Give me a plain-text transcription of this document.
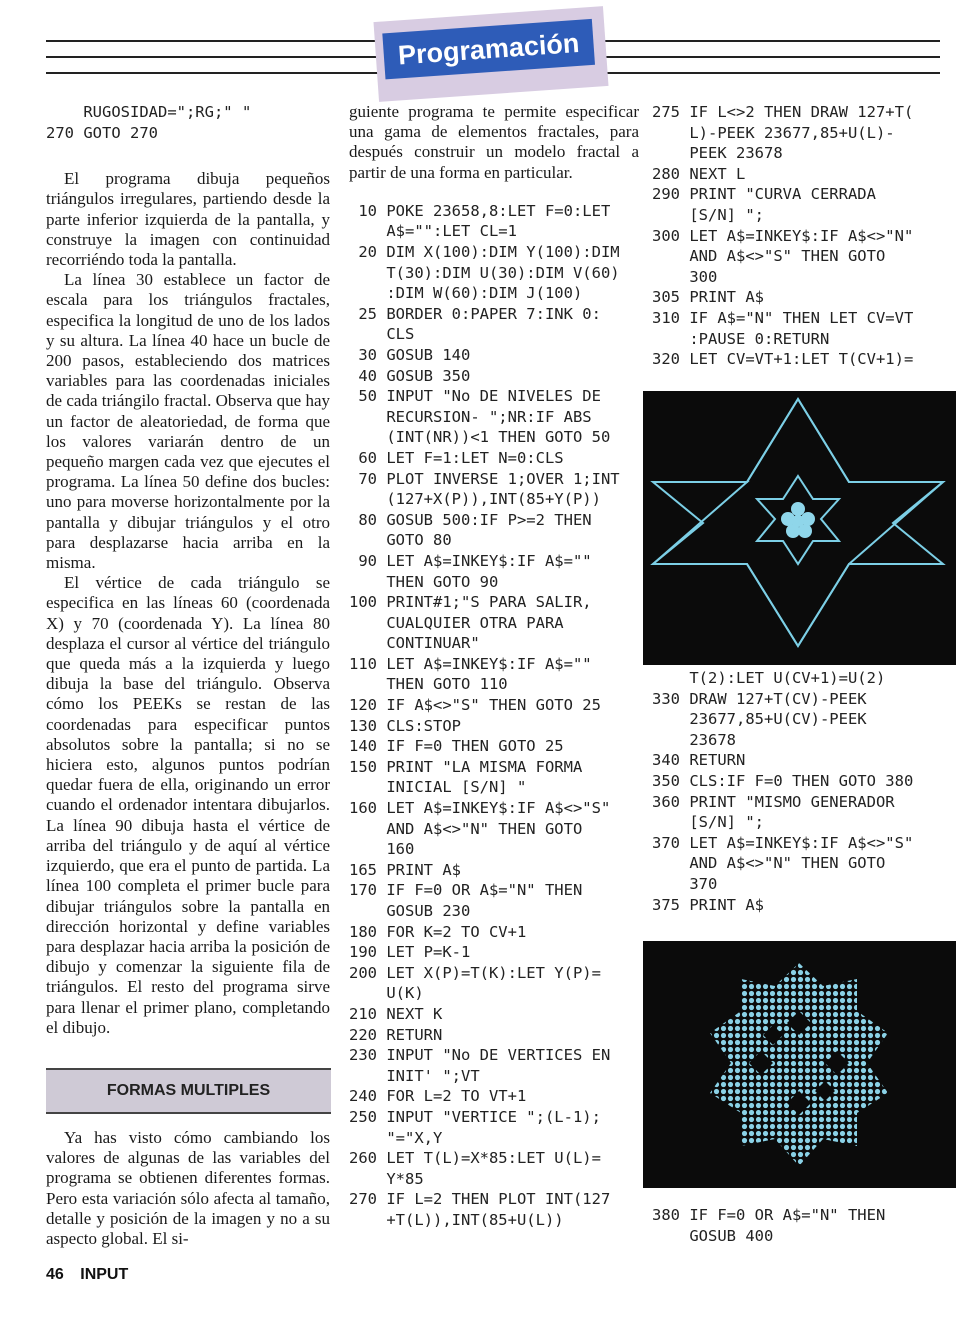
Programación
RUGOSIDAD=";RG;" "
270 GOTO 270

El programa dibuja pequeños triángulos irregulares, partiendo desde la parte inferior izquierda de la pantalla, y construye la imagen con continuidad recorriéndo toda la pantalla.

La línea 30 establece un factor de escala para los triángulos fractales, especifica la longitud de uno de los lados y su altura. La línea 40 hace un bucle de 200 pasos, estableciendo dos matrices variables para las coordenadas iniciales de cada triángilo fractal. Observa que hay un factor de aleatoriedad, de forma que los valores variarán dentro de un pequeño margen cada vez que ejecutes el programa. La línea 50 define dos bucles: uno para moverse horizontalmente por la pantalla y dibujar triángulos y el otro para desplazarse hacia arriba en la misma.

El vértice de cada triángulo se especifica en las líneas 60 (coordenada X) y 70 (coordenada Y). La línea 80 desplaza el cursor al vértice del triángulo que queda más a la izquierda y luego dibuja la base del triángulo. Observa cómo los PEEKs se restan de las coordenadas para especificar puntos absolutos sobre la pantalla; si no se hiciera esto, algunos puntos podrían quedar fuera de ella, originando un error cuando el ordenador intentara dibujarlos. La línea 90 dibuja hasta el vértice de arriba del triángulo y de aquí al vértice izquierdo, que era el punto de partida. La línea 100 completa el primer bucle para dibujar triángulos sobre la pantalla en dirección horizontal y define variables para desplazar hacia arriba la posición de dibujo y comenzar la siguiente fila de triángulos. El resto del programa sirve para llenar el primer plano, completando el dibujo.

FORMAS MULTIPLES

Ya has visto cómo cambiando los valores de algunas de las variables del programa se obtienen diferentes formas. Pero esta variación sólo afecta al tamaño, detalle y posición de la imagen y no a su aspecto global. El si-

guiente programa te permite especificar una gama de elementos fractales, para después construir un modelo fractal a partir de una forma en particular.

10 POKE 23658,8:LET F=0:LET
A$="":LET CL=1
20 DIM X(100):DIM Y(100):DIM
T(30):DIM U(30):DIM V(60)
:DIM W(60):DIM J(100)
25 BORDER 0:PAPER 7:INK 0:
CLS
30 GOSUB 140
40 GOSUB 350
50 INPUT "No DE NIVELES DE
RECURSION- ";NR:IF ABS
(INT(NR))<1 THEN GOTO 50
60 LET F=1:LET N=0:CLS
70 PLOT INVERSE 1;OVER 1;INT
(127+X(P)),INT(85+Y(P))
80 GOSUB 500:IF P>=2 THEN
GOTO 80
90 LET A$=INKEY$:IF A$=""
THEN GOTO 90
100 PRINT#1;"S PARA SALIR,
CUALQUIER OTRA PARA
CONTINUAR"
110 LET A$=INKEY$:IF A$=""
THEN GOTO 110
120 IF A$<>"S" THEN GOTO 25
130 CLS:STOP
140 IF F=0 THEN GOTO 25
150 PRINT "LA MISMA FORMA
INICIAL [S/N] "
160 LET A$=INKEY$:IF A$<>"S"
AND A$<>"N" THEN GOTO
160
165 PRINT A$
170 IF F=0 OR A$="N" THEN
GOSUB 230
180 FOR K=2 TO CV+1
190 LET P=K-1
200 LET X(P)=T(K):LET Y(P)=
U(K)
210 NEXT K
220 RETURN
230 INPUT "No DE VERTICES EN
INIT' ";VT
240 FOR L=2 TO VT+1
250 INPUT "VERTICE ";(L-1);
"="X,Y
260 LET T(L)=X*85:LET U(L)=
Y*85
270 IF L=2 THEN PLOT INT(127
+T(L)),INT(85+U(L))
275 IF L<>2 THEN DRAW 127+T(
L)-PEEK 23677,85+U(L)-
PEEK 23678
280 NEXT L
290 PRINT "CURVA CERRADA
[S/N] ";
300 LET A$=INKEY$:IF A$<>"N"
AND A$<>"S" THEN GOTO
300
305 PRINT A$
310 IF A$="N" THEN LET CV=VT
:PAUSE 0:RETURN
320 LET CV=VT+1:LET T(CV+1)=
T(2):LET U(CV+1)=U(2)
330 DRAW 127+T(CV)-PEEK
23677,85+U(CV)-PEEK
23678
340 RETURN
350 CLS:IF F=0 THEN GOTO 380
360 PRINT "MISMO GENERADOR
[S/N] ";
370 LET A$=INKEY$:IF A$<>"S"
AND A$<>"N" THEN GOTO
370
375 PRINT A$
380 IF F=0 OR A$="N" THEN
GOSUB 400
46 INPUT
